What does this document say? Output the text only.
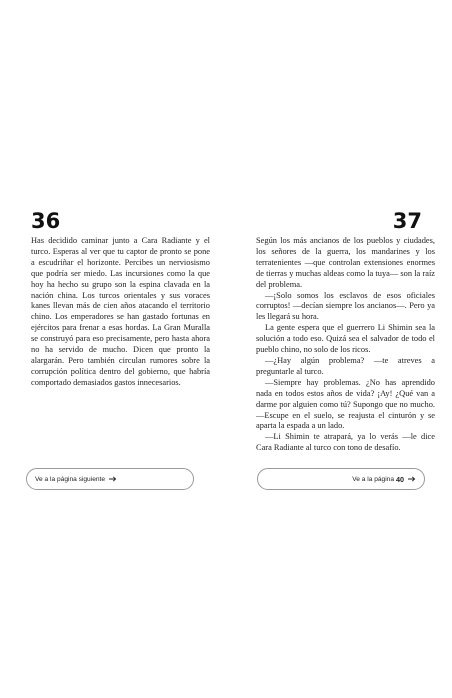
36

Has decidido caminar junto a Cara Radiante y el turco. Esperas al ver que tu captor de pronto se pone a escudriñar el horizonte. Percibes un nerviosismo que podría ser miedo. Las incursiones como la que hoy ha hecho su grupo son la espina clavada en la nación china. Los turcos orientales y sus voraces kanes llevan más de cien años atacando el territorio chino. Los emperadores se han gastado fortunas en ejércitos para frenar a esas hordas. La Gran Muralla se construyó para eso precisamente, pero hasta ahora no ha servido de mucho. Dicen que pronto la alargarán. Pero también circulan rumores sobre la corrupción política dentro del gobierno, que habría comportado demasiados gastos innecesarios.

Ve a la página siguiente
37

Según los más ancianos de los pueblos y ciudades, los señores de la guerra, los mandarines y los terratenientes —que controlan extensiones enormes de tierras y muchas aldeas como la tuya— son la raíz del problema.

—¡Solo somos los esclavos de esos oficiales corruptos! —decían siempre los ancianos—. Pero ya les llegará su hora.

La gente espera que el guerrero Li Shimin sea la solución a todo eso. Quizá sea el salvador de todo el pueblo chino, no solo de los ricos.

—¿Hay algún problema? —te atreves a preguntarle al turco.

—Siempre hay problemas. ¿No has aprendido nada en todos estos años de vida? ¡Ay! ¿Qué van a darme por alguien como tú? Supongo que no mucho. —Escupe en el suelo, se reajusta el cinturón y se aparta la espada a un lado.

—Li Shimin te atrapará, ya lo verás —le dice Cara Radiante al turco con tono de desafío.

Ve a la página 40
